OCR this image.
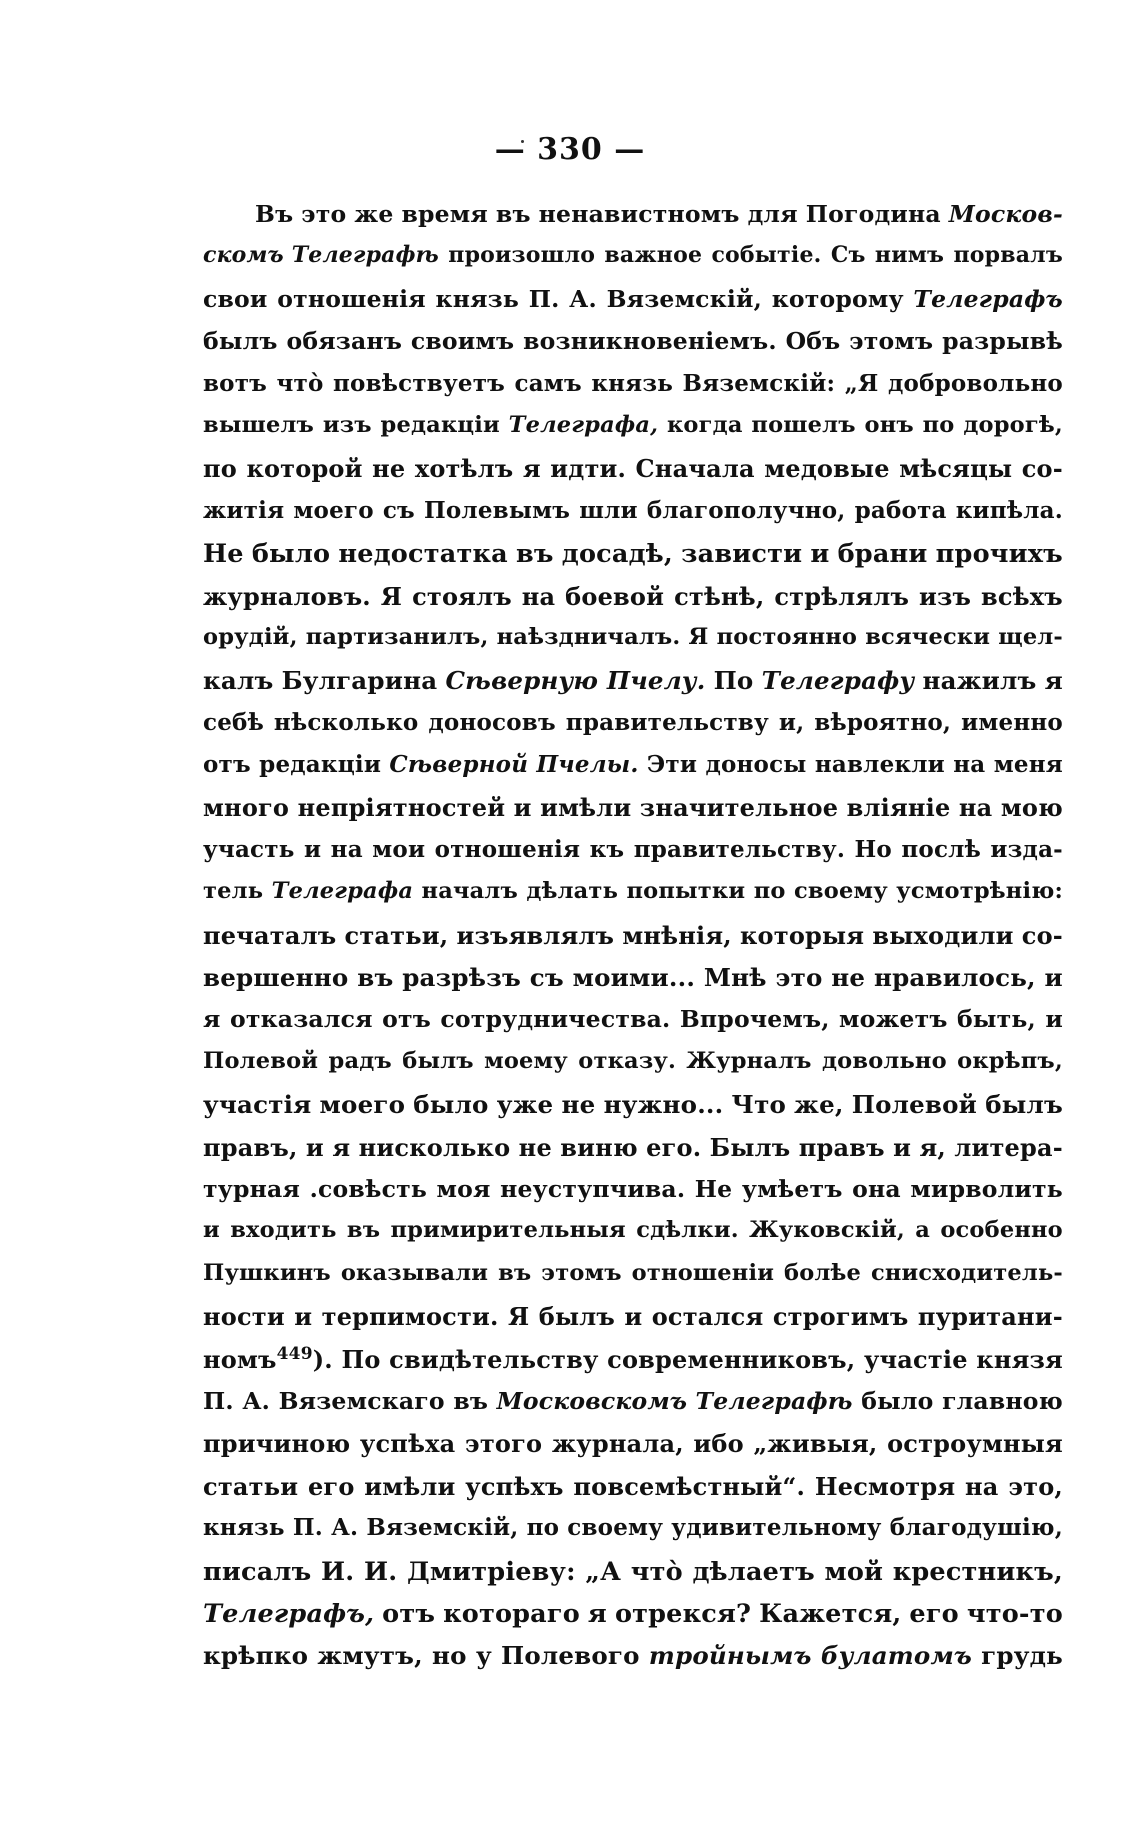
— 330 —
Въ это же время въ ненавистномъ для Погодина Москов-
скомъ Телеграфѣ произошло важное событіе. Съ нимъ порвалъ
свои отношенія князь П. А. Вяземскій, которому Телеграфъ
былъ обязанъ своимъ возникновеніемъ. Объ этомъ разрывѣ
вотъ что̀ повѣствуетъ самъ князь Вяземскій: „Я добровольно
вышелъ изъ редакціи Телеграфа, когда пошелъ онъ по дорогѣ,
по которой не хотѣлъ я идти. Сначала медовые мѣсяцы со-
житія моего съ Полевымъ шли благополучно, работа кипѣла.
Не было недостатка въ досадѣ, зависти и брани прочихъ
журналовъ. Я стоялъ на боевой стѣнѣ, стрѣлялъ изъ всѣхъ
орудій, партизанилъ, наѣздничалъ. Я постоянно всячески щел-
калъ Булгарина Сѣверную Пчелу. По Телеграфу нажилъ я
себѣ нѣсколько доносовъ правительству и, вѣроятно, именно
отъ редакціи Сѣверной Пчелы. Эти доносы навлекли на меня
много непріятностей и имѣли значительное вліяніе на мою
участь и на мои отношенія къ правительству. Но послѣ изда-
тель Телеграфа началъ дѣлать попытки по своему усмотрѣнію:
печаталъ статьи, изъявлялъ мнѣнія, которыя выходили со-
вершенно въ разрѣзъ съ моими... Мнѣ это не нравилось, и
я отказался отъ сотрудничества. Впрочемъ, можетъ быть, и
Полевой радъ былъ моему отказу. Журналъ довольно окрѣпъ,
участія моего было уже не нужно... Что же, Полевой былъ
правъ, и я нисколько не виню его. Былъ правъ и я, литера-
турная .совѣсть моя неуступчива. Не умѣетъ она мирволить
и входить въ примирительныя сдѣлки. Жуковскій, а особенно
Пушкинъ оказывали въ этомъ отношеніи болѣе снисходитель-
ности и терпимости. Я былъ и остался строгимъ пуритани-
номъ$^{449}$). По свидѣтельству современниковъ, участіе князя
П. А. Вяземскаго въ Московскомъ Телеграфѣ было главною
причиною успѣха этого журнала, ибо „живыя, остроумныя
статьи его имѣли успѣхъ повсемѣстный“. Несмотря на это,
князь П. А. Вяземскій, по своему удивительному благодушію,
писалъ И. И. Дмитріеву: „А что̀ дѣлаетъ мой крестникъ,
Телеграфъ, отъ котораго я отрекся? Кажется, его что-то
крѣпко жмутъ, но у Полевого тройнымъ булатомъ грудь
